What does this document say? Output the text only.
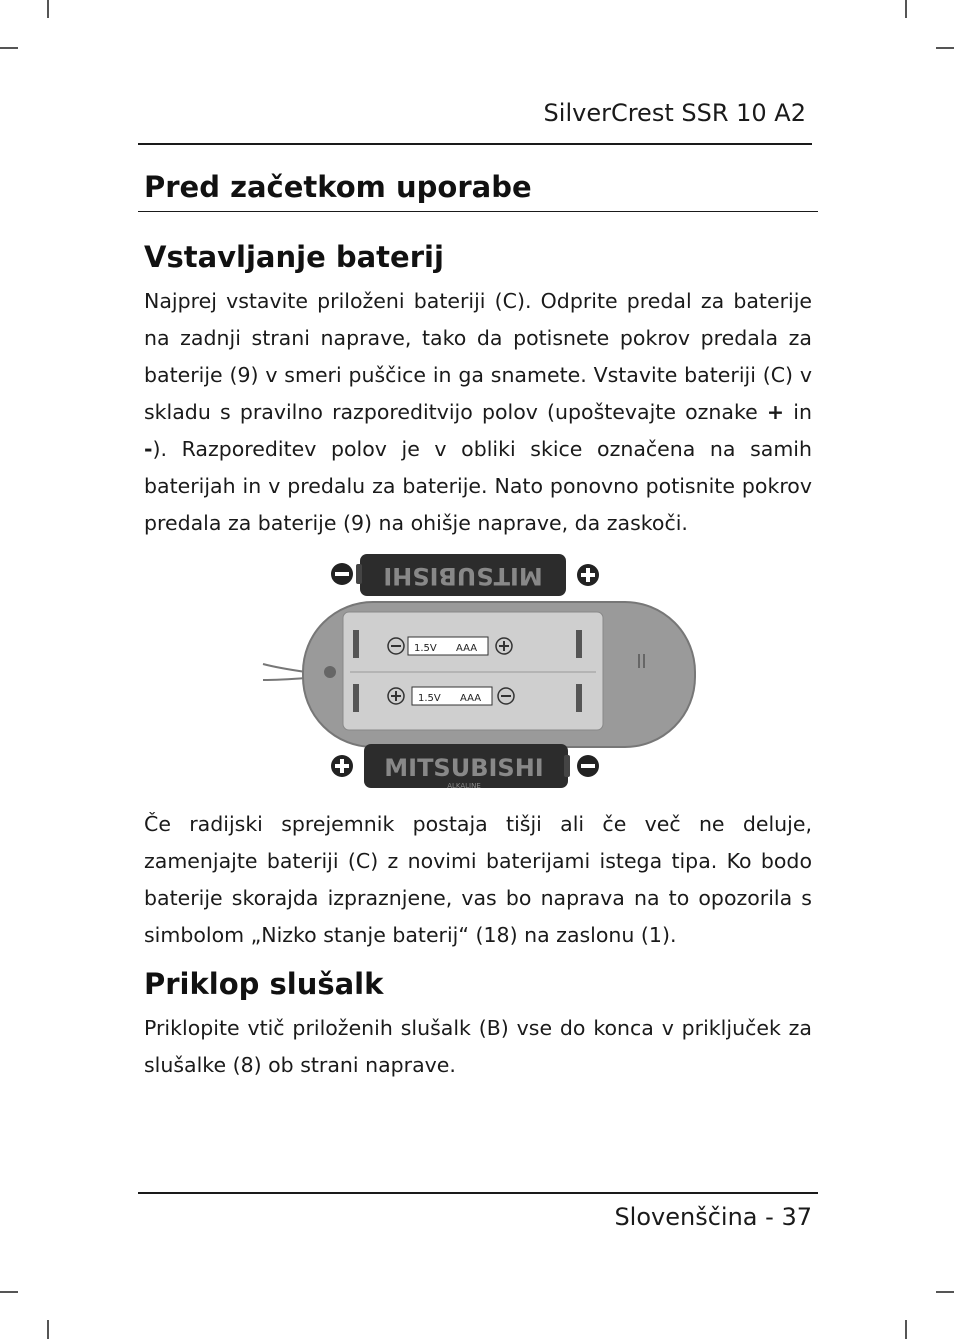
SilverCrest SSR 10 A2
Pred začetkom uporabe
Vstavljanje baterij

Najprej vstavite priloženi bateriji (C). Odprite predal za baterije na zadnji strani naprave, tako da potisnete pokrov predala za baterije (9) v smeri puščice in ga snamete. Vstavite bateriji (C) v skladu s pravilno razporeditvijo polov (upoštevajte oznake + in -). Razporeditev polov je v obliki skice označena na samih baterijah in v predalu za baterije. Nato ponovno potisnite pokrov predala za baterije (9) na ohišje naprave, da zaskoči.

MITSUBISHI
1.5V AAA
1.5V AAA
MITSUBISHI
ALKALINE

Če radijski sprejemnik postaja tišji ali če več ne deluje, zamenjajte bateriji (C) z novimi baterijami istega tipa. Ko bodo baterije skorajda izpraznjene, vas bo naprava na to opozorila s simbolom „Nizko stanje baterij“ (18) na zaslonu (1).

Priklop slušalk

Priklopite vtič priloženih slušalk (B) vse do konca v priključek za slušalke (8) ob strani naprave.

Slovenščina - 37
